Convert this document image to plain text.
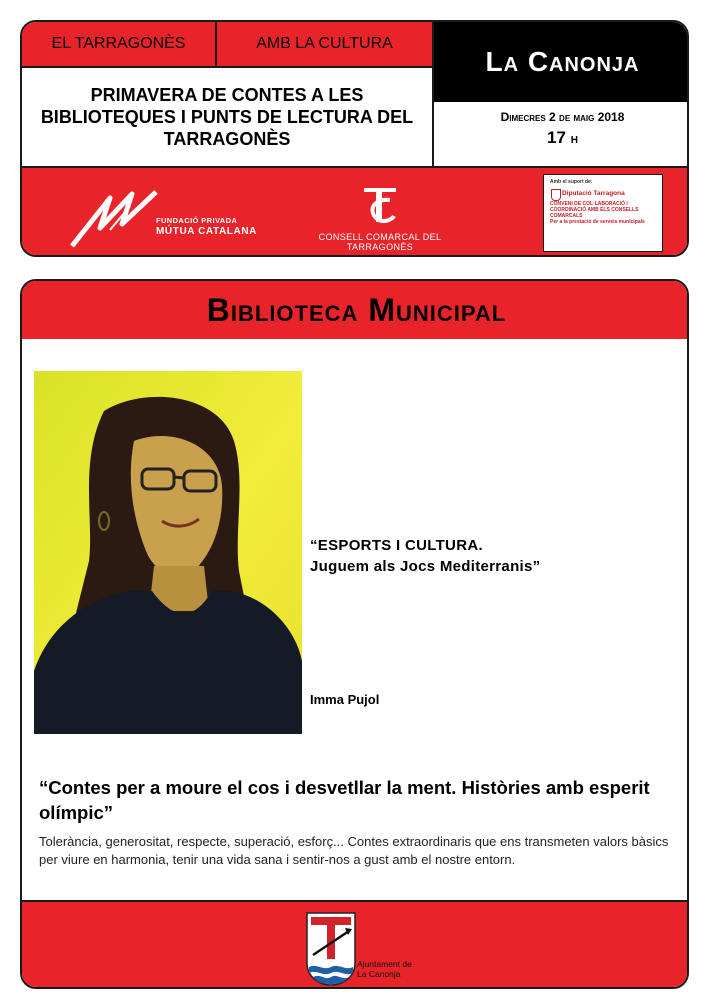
EL TARRAGONÈS	AMB LA CULTURA
La Canonja
PRIMAVERA DE CONTES A LES BIBLIOTEQUES I PUNTS DE LECTURA DEL TARRAGONÈS
Dimecres 2 de maig 2018
17 h
FUNDACIÓ PRIVADA
MÚTUA CATALANA	CONSELL COMARCAL DEL TARRAGONÈS
Amb el suport de:
Diputació Tarragona
CONVENI DE COL·LABORACIÓ I COORDINACIÓ AMB ELS CONSELLS COMARCALS
Per a la prestació de serveis municipals
Biblioteca Municipal
“ESPORTS I CULTURA.
Juguem als Jocs Mediterranis”
Imma Pujol
“Contes per a moure el cos i desvetllar la ment. Històries amb esperit olímpic”
Tolerància, generositat, respecte, superació, esforç... Contes extraordinaris que ens transmeten valors bàsics per viure en harmonia, tenir una vida sana i sentir-nos a gust amb el nostre entorn.
Ajuntament de
La Canonja
